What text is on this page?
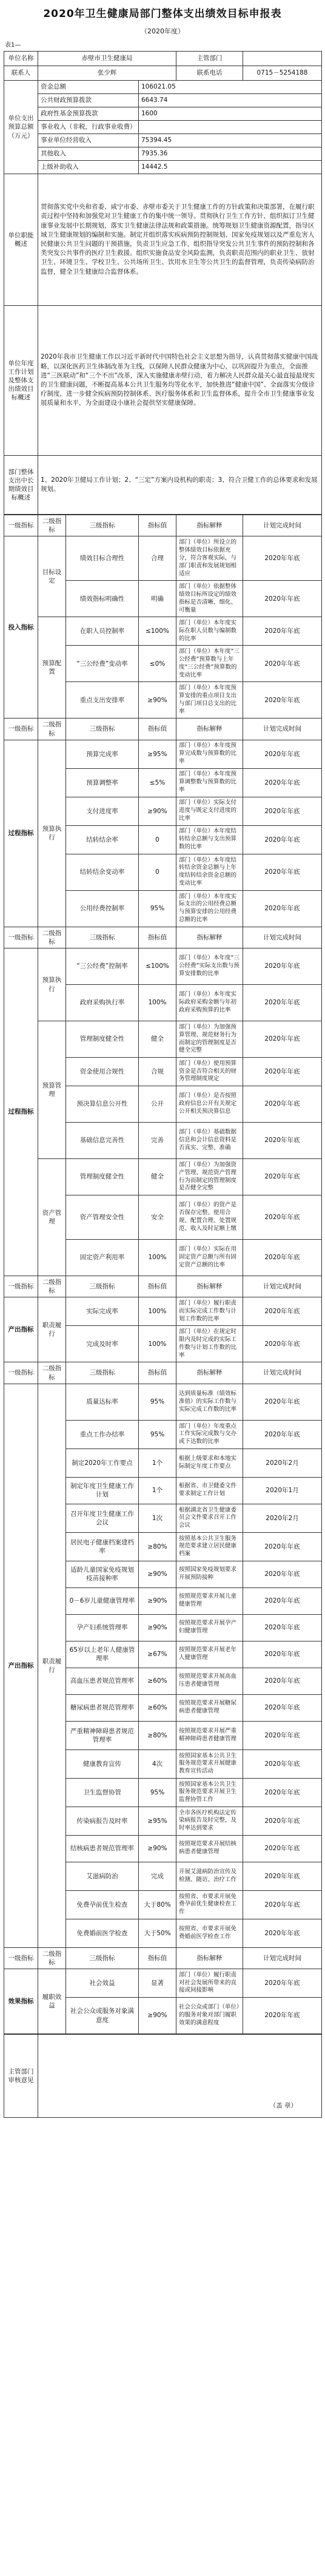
2020年卫生健康局部门整体支出绩效目标申报表
（2020年度）
表1—
单位名称	赤壁市卫生健康局		主管部门	
联系人	张少辉		联系电话	0715－5254188
单位支出预算总额（万元）	资金总额	106021.05		
	公共财政预算拨款	6643.74		
	政府性基金预算拨款	1600		
	事业收入（非税，行政事业收费）			
	事业单位经营收入	75394.45		
	其他收入	7935.36		
	上级补助收入	14442.5		
单位职能概述	贯彻落实党中央和省委、咸宁市委、赤壁市委关于卫生健康工作的方针政策和决策部署，在履行职责过程中坚持和加强党对卫生健康工作的集中统一领导。贯彻执行卫生工作方针，组织拟订卫生健康事业发展中长期规划，落实卫生健康法律法规和政策措施。统筹规划卫生健康资源配置，指导区域卫生健康规划的编制和实施。制定并组织落实疾病预防控制规划、国家免疫规划以及严重危害人民健康公共卫生问题的干预措施，负责卫生应急工作，组织指导突发公共卫生事件的预防控制和各类突发公共事件的医疗卫生救援。组织实施食品安全风险监测，负责职责范围内的职业卫生、放射卫生、环境卫生、学校卫生、公共场所卫生、饮用水卫生等公共卫生的监督管理，负责传染病防治监督，健全卫生健康综合监督体系。			
单位年度工作计划及整体支出绩效目标概述	2020年我市卫生健康工作以习近平新时代中国特色社会主义思想为指导，认真贯彻落实健康中国战略，以深化医药卫生体制改革为主线，以保障人民群众健康为中心，以巩固提升为重点，全面推进“三医联动”和“三个不出”改革，深入实施健康赤壁行动，着力解决人民群众最关心最直接最现实的卫生健康问题，不断提高基本公共卫生服务均等化水平，加快推进“健康中国”、全面落实分级诊疗制度，进一步健全疾病预防控制体系、医疗服务体系和卫生监督体系，提升全市卫生健康事业发展质量和水平，为全面建设小康社会提供坚实健康保障。			
部门整体支出中长期绩效目标概述	1、2020年卫健局工作计划；2、“三定”方案内设机构的职责；3、符合卫健工作的总体要求和发展规划。			
一级指标	二级指标	三级指标	指标值	指标解释	计划完成时间
投入指标	目标设定	绩效目标合理性	合理	部门（单位）所设立的整体绩效目标依据充分，符合客观实际，与部门职责和发展规划相适应	2020年年底
		绩效指标明确性	明确	部门（单位）依据整体绩效目标所设定的绩效指标是否清晰、细化、可衡量	2020年年底
	预算配置	在职人员控制率	≤100%	部门（单位）本年度实际在职人员数与编制数的比率	2020年年底
		“三公经费”变动率	≤0%	部门（单位）本年度“三公经费”预算数与上年度“三公经费”预算数的变动比率	2020年年底
		重点支出安排率	≥90%	部门（单位）本年度预算安排的重点项目支出与部门项目总支出的比率	2020年年底
一级指标	二级指标	三级指标	指标值	指标解释	计划完成时间
过程指标	预算执行	预算完成率	≥95%	部门（单位）本年度预算完成数与预算数的比率	2020年年底
		预算调整率	≤5%	部门（单位）本年度预算调整数与预算数的比率	2020年年底
		支付进度率	≥90%	部门（单位）实际支付进度与既定支付进度的比率	2020年年底
		结转结余率	0	部门（单位）本年度结转结余总额与支出预算数的比率	2020年年底
		结转结余变动率	0	部门（单位）本年度结转结余资金总额与上年度结转结余资金总额的变动比率	2020年年底
		公用经费控制率	95%	部门（单位）本年度实际支出的公用经费总额与预算安排的公用经费总额的比率	2020年年底
一级指标	二级指标	三级指标	指标值	指标解释	计划完成时间
过程指标	预算执行	“三公经费”控制率	≤100%	部门（单位）本年度“三公经费”实际支出数与预算安排数的比率	2020年年底
		政府采购执行率	100%	部门（单位）本年度实际政府采购金额与年初政府采购预算的比率	2020年年底
	预算管理	管理制度健全性	健全	部门（单位）为加强预算管理、规范财务行为而制定的管理制度是否健全完整	2020年年底
		资金使用合规性	合规	部门（单位）使用预算资金是否符合相关的财务管理制度规定	2020年年底
		预决算信息公开性	公开	部门（单位）是否按照政府信息公开有关规定公开相关预决算信息	2020年年底
		基础信息完善性	完善	部门（单位）基础数据信息和会计信息资料是否真实、完整、准确	2020年年底
	资产管理	管理制度健全性	健全	部门（单位）为加强资产管理、规范资产管理行为而制定的管理制度是否健全完整	2020年年底
		资产管理安全性	安全	部门（单位）的资产是否保存完整、使用合规、配置合理、处置规范、收入及时足额上缴	2020年年底
		固定资产利用率	100%	部门（单位）实际在用固定资产总额与所有固定资产总额的比率	2020年年底
一级指标	二级指标	三级指标	指标值	指标解释	计划完成时间
产出指标	职责履行	实际完成率	100%	部门（单位）履行职责而实际完成工作数与计划工作数的比率	2020年年底
		完成及时率	100%	部门（单位）在规定时限内及时完成的实际工作数与计划工作数的比率	2020年年底
一级指标	二级指标	三级指标	指标值	指标解释	计划完成时间
产出指标	职责履行	质量达标率	95%	达到质量标准（绩效标准值）的实际工作数与实际完成工作数的比率	2020年年底
		重点工作办结率	95%	部门（单位）年度重点工作实际完成数与交办或下达数的比率	2020年年底
		制定2020年工作要点	1个	根据上级要求和本地实际制定年度工作要点	2020年2月
		制定年度卫生健康工作计划	1个	根据省、市卫健委文件要求制定工作计划	2020年1月
		召开年度卫生健康工作会议	1次	根据湖北省卫生健康委员会文件要求召开工作会议	2020年2月
		居民电子健康档案建档率	≥80%	按照基本公共卫生服务规范要求建立居民健康档案	2020年年底
		适龄儿童国家免疫规划疫苗接种率	≥90%	按照国家免疫规划要求开展预防接种	2020年年底
		0－6岁儿童健康管理率	≥90%	按照规范要求开展儿童健康管理	2020年年底
		孕产妇系统管理率	≥90%	按照规范要求开展孕产妇健康管理	2020年年底
		65岁以上老年人健康管理率	≥67%	按照规范要求开展老年人健康管理	2020年年底
		高血压患者规范管理率	≥60%	按照规范要求开展高血压患者健康管理	2020年年底
		糖尿病患者规范管理率	≥60%	按照规范要求开展糖尿病患者健康管理	2020年年底
		严重精神障碍患者规范管理率	≥80%	按照规范要求开展严重精神障碍患者健康管理	2020年年底
		健康教育宣传	4次	按照国家基本公共卫生服务规范要求开展健康教育宣传活动	2020年年底
		卫生监督协管	95%	按照国家基本公共卫生服务规范要求开展卫生监督协管工作	2020年年底
		传染病报告及时率	≥95%	全市各医疗机构法定传染病报告及时完整，及时率达到要求	2020年年底
		结核病患者规范管理率	≥90%	按照规范要求开展结核病患者健康管理	2020年年底
		艾滋病防治	完成	开展艾滋病防治宣传及检测、随访、治疗工作	2020年年底
		免费孕前优生检查	大于80%	按照省、市要求开展免费孕前优生健康检查工作	2020年年底
		免费婚前医学检查	大于50%	按照省、市要求开展免费婚前医学检查工作	2020年年底
一级指标	二级指标	三级指标	指标值	指标解释	计划完成时间
效果指标	履职效益	社会效益	显著	部门（单位）履行职责对社会发展所带来的直接或间接影响	2020年年底
		社会公众或服务对象满意度	≥90%	社会公众或部门（单位）的服务对象对部门履职效果的满意程度	2020年年底
主管部门审核意见	（盖 章）
